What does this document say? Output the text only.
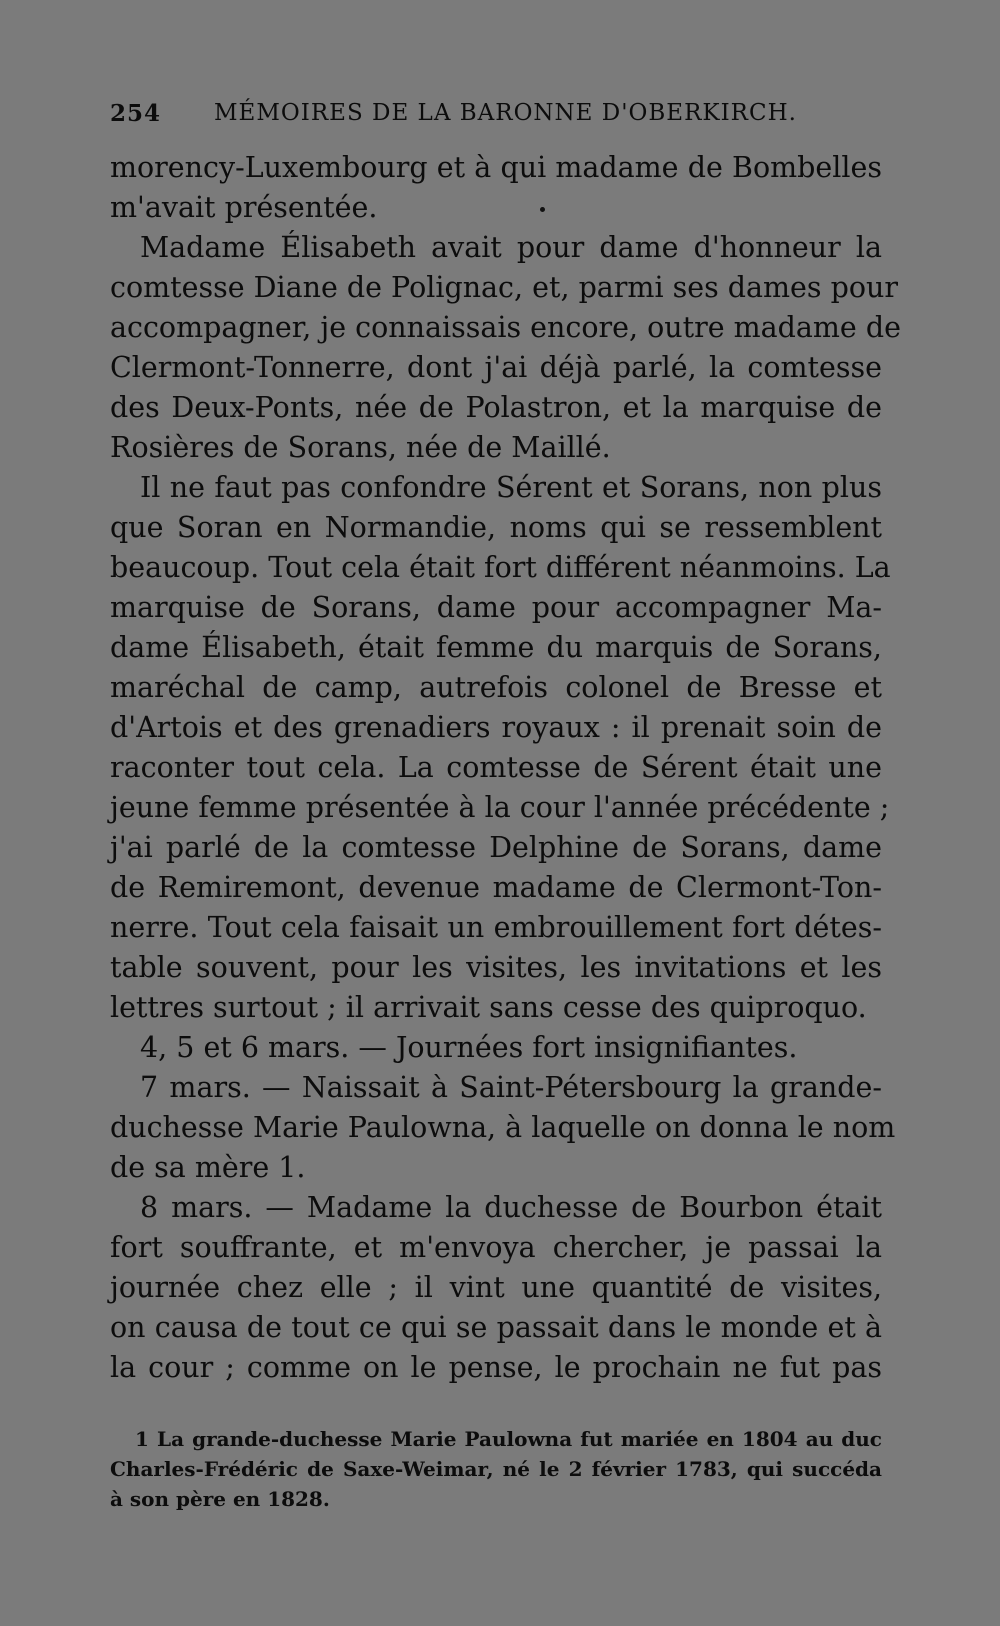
254 MÉMOIRES DE LA BARONNE D'OBERKIRCH.
morency-Luxembourg et à qui madame de Bombelles
m'avait présentée.
Madame Élisabeth avait pour dame d'honneur la
comtesse Diane de Polignac, et, parmi ses dames pour
accompagner, je connaissais encore, outre madame de
Clermont-Tonnerre, dont j'ai déjà parlé, la comtesse
des Deux-Ponts, née de Polastron, et la marquise de
Rosières de Sorans, née de Maillé.
Il ne faut pas confondre Sérent et Sorans, non plus
que Soran en Normandie, noms qui se ressemblent
beaucoup. Tout cela était fort différent néanmoins. La
marquise de Sorans, dame pour accompagner Ma-
dame Élisabeth, était femme du marquis de Sorans,
maréchal de camp, autrefois colonel de Bresse et
d'Artois et des grenadiers royaux : il prenait soin de
raconter tout cela. La comtesse de Sérent était une
jeune femme présentée à la cour l'année précédente ;
j'ai parlé de la comtesse Delphine de Sorans, dame
de Remiremont, devenue madame de Clermont-Ton-
nerre. Tout cela faisait un embrouillement fort détes-
table souvent, pour les visites, les invitations et les
lettres surtout ; il arrivait sans cesse des quiproquo.
4, 5 et 6 mars. — Journées fort insignifiantes.
7 mars. — Naissait à Saint-Pétersbourg la grande-
duchesse Marie Paulowna, à laquelle on donna le nom
de sa mère 1.
8 mars. — Madame la duchesse de Bourbon était
fort souffrante, et m'envoya chercher, je passai la
journée chez elle ; il vint une quantité de visites,
on causa de tout ce qui se passait dans le monde et à
la cour ; comme on le pense, le prochain ne fut pas
1 La grande-duchesse Marie Paulowna fut mariée en 1804 au duc
Charles-Frédéric de Saxe-Weimar, né le 2 février 1783, qui succéda
à son père en 1828.
